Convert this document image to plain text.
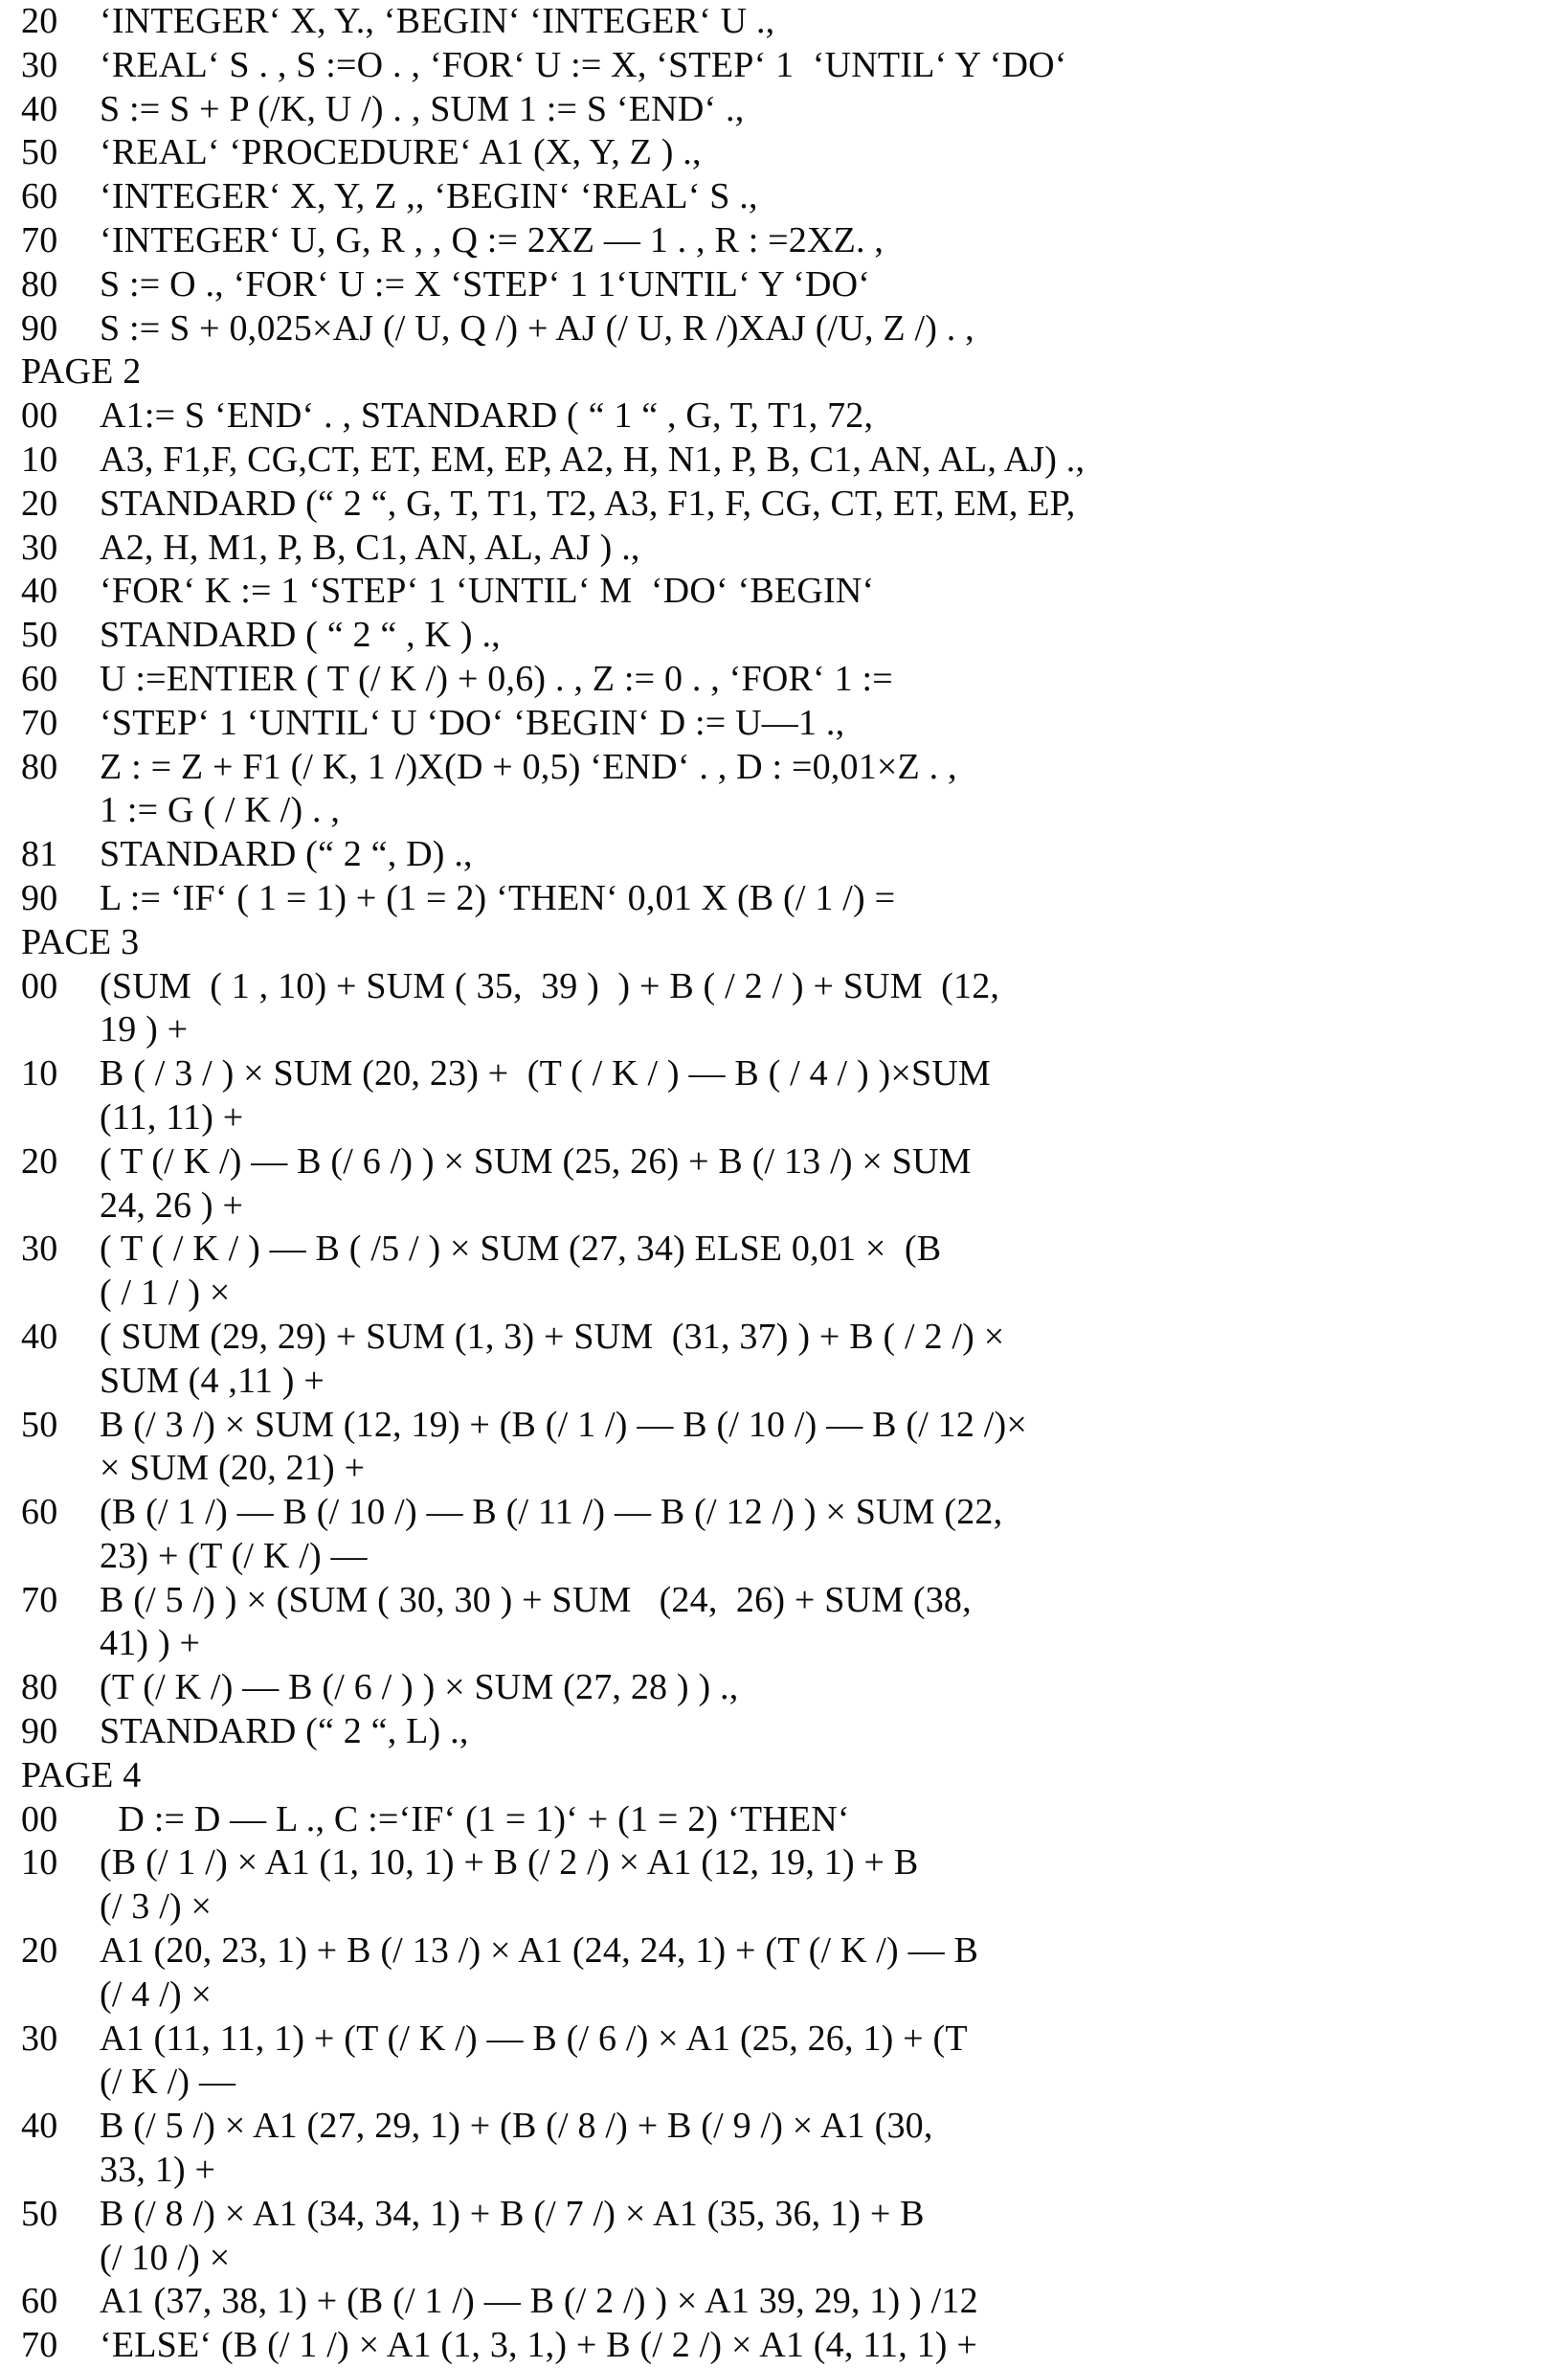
20	‘INTEGER‘ X, Y., ‘BEGIN‘ ‘INTEGER‘ U .,
30	‘REAL‘ S . , S :=O . , ‘FOR‘ U := X, ‘STEP‘ 1  ‘UNTIL‘ Y ‘DO‘
40	S := S + P (/K, U /) . , SUM 1 := S ‘END‘ .,
50	‘REAL‘ ‘PROCEDURE‘ A1 (X, Y, Z ) .,
60	‘INTEGER‘ X, Y, Z ,, ‘BEGIN‘ ‘REAL‘ S .,
70	‘INTEGER‘ U, G, R , , Q := 2XZ — 1 . , R : =2XZ. ,
80	S := O ., ‘FOR‘ U := X ‘STEP‘ 1 1‘UNTIL‘ Y ‘DO‘
90	S := S + 0,025×AJ (/ U, Q /) + AJ (/ U, R /)XAJ (/U, Z /) . ,
PAGE 2
00	A1:= S ‘END‘ . , STANDARD ( “ 1 “ , G, T, T1, 72,
10	A3, F1,F, CG,CT, ET, EM, EP, A2, H, N1, P, B, C1, AN, AL, AJ) .,
20	STANDARD (“ 2 “, G, T, T1, T2, A3, F1, F, CG, CT, ET, EM, EP,
30	A2, H, M1, P, B, C1, AN, AL, AJ ) .,
40	‘FOR‘ K := 1 ‘STEP‘ 1 ‘UNTIL‘ M  ‘DO‘ ‘BEGIN‘
50	STANDARD ( “ 2 “ , K ) .,
60	U :=ENTIER ( T (/ K /) + 0,6) . , Z := 0 . , ‘FOR‘ 1 :=
70	‘STEP‘ 1 ‘UNTIL‘ U ‘DO‘ ‘BEGIN‘ D := U—1 .,
80	Z : = Z + F1 (/ K, 1 /)X(D + 0,5) ‘END‘ . , D : =0,01×Z . ,
1 := G ( / K /) . ,
81	STANDARD (“ 2 “, D) .,
90	L := ‘IF‘ ( 1 = 1) + (1 = 2) ‘THEN‘ 0,01 X (B (/ 1 /) =
PACE 3
00	(SUM  ( 1 , 10) + SUM ( 35,  39 )  ) + B ( / 2 / ) + SUM  (12,
19 ) +
10	B ( / 3 / ) × SUM (20, 23) +  (T ( / K / ) — B ( / 4 / ) )×SUM
(11, 11) +
20	( T (/ K /) — B (/ 6 /) ) × SUM (25, 26) + B (/ 13 /) × SUM
24, 26 ) +
30	( T ( / K / ) — B ( /5 / ) × SUM (27, 34) ELSE 0,01 ×  (B
( / 1 / ) ×
40	( SUM (29, 29) + SUM (1, 3) + SUM  (31, 37) ) + B ( / 2 /) ×
SUM (4 ,11 ) +
50	B (/ 3 /) × SUM (12, 19) + (B (/ 1 /) — B (/ 10 /) — B (/ 12 /)×
× SUM (20, 21) +
60	(B (/ 1 /) — B (/ 10 /) — B (/ 11 /) — B (/ 12 /) ) × SUM (22,
23) + (T (/ K /) —
70	B (/ 5 /) ) × (SUM ( 30, 30 ) + SUM   (24,  26) + SUM (38,
41) ) +
80	(T (/ K /) — B (/ 6 / ) ) × SUM (27, 28 ) ) .,
90	STANDARD (“ 2 “, L) .,
PAGE 4
00	D := D — L ., C :=‘IF‘ (1 = 1)‘ + (1 = 2) ‘THEN‘
10	(B (/ 1 /) × A1 (1, 10, 1) + B (/ 2 /) × A1 (12, 19, 1) + B
(/ 3 /) ×
20	A1 (20, 23, 1) + B (/ 13 /) × A1 (24, 24, 1) + (T (/ K /) — B
(/ 4 /) ×
30	A1 (11, 11, 1) + (T (/ K /) — B (/ 6 /) × A1 (25, 26, 1) + (T
(/ K /) —
40	B (/ 5 /) × A1 (27, 29, 1) + (B (/ 8 /) + B (/ 9 /) × A1 (30,
33, 1) +
50	B (/ 8 /) × A1 (34, 34, 1) + B (/ 7 /) × A1 (35, 36, 1) + B
(/ 10 /) ×
60	A1 (37, 38, 1) + (B (/ 1 /) — B (/ 2 /) ) × A1 39, 29, 1) ) /12
70	‘ELSE‘ (B (/ 1 /) × A1 (1, 3, 1,) + B (/ 2 /) × A1 (4, 11, 1) +
